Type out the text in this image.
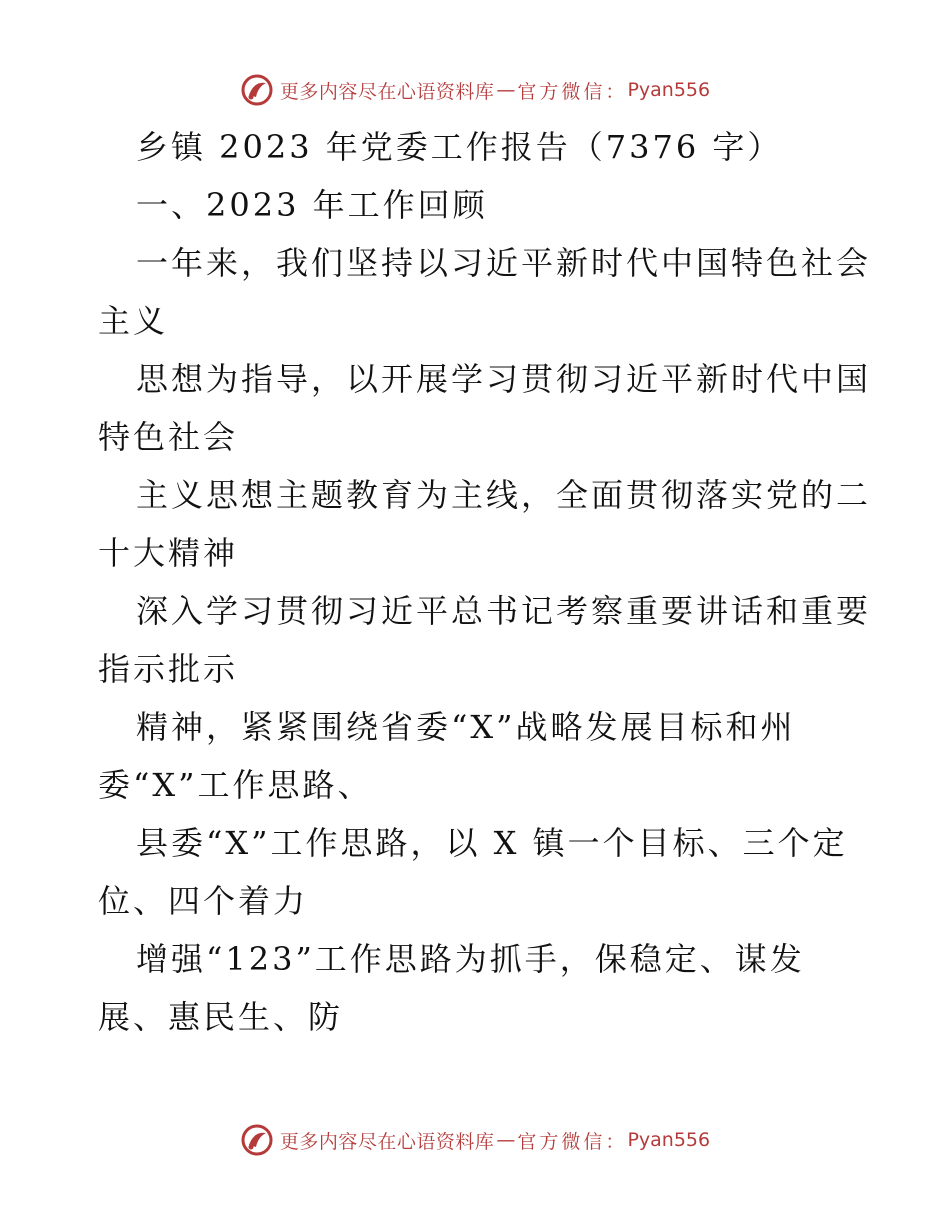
更多内容尽在心语资料库 — 官方微信： Pyan556
乡镇 2023 年党委工作报告（7376 字）
一、2023 年工作回顾
一年来，我们坚持以习近平新时代中国特色社会
主义
思想为指导，以开展学习贯彻习近平新时代中国
特色社会
主义思想主题教育为主线，全面贯彻落实党的二
十大精神
深入学习贯彻习近平总书记考察重要讲话和重要
指示批示
精神，紧紧围绕省委“X”战略发展目标和州
委“X”工作思路、
县委“X”工作思路，以 X 镇一个目标、三个定
位、四个着力
增强“123”工作思路为抓手，保稳定、谋发
展、惠民生、防
更多内容尽在心语资料库 — 官方微信： Pyan556
